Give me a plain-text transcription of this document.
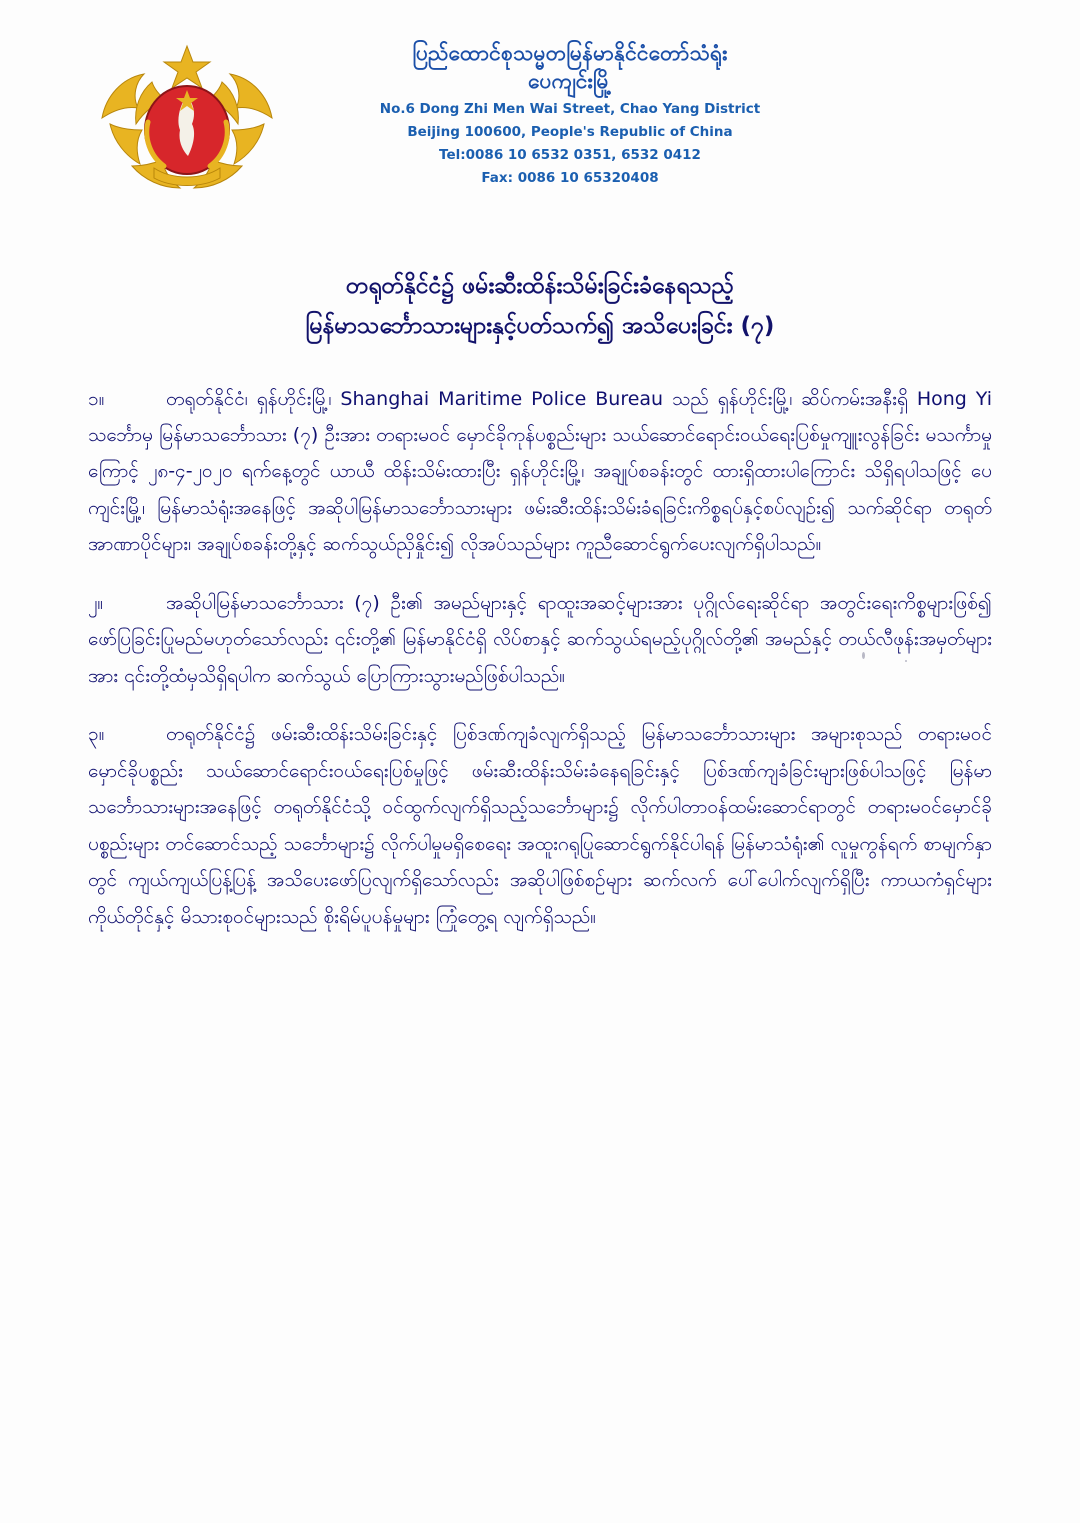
ပြည်ထောင်စုသမ္မတမြန်မာနိုင်ငံတော်သံရုံး
ပေကျင်းမြို့
No.6 Dong Zhi Men Wai Street, Chao Yang District
Beijing 100600, People's Republic of China
Tel:0086 10 6532 0351, 6532 0412
Fax: 0086 10 65320408
တရုတ်နိုင်ငံ၌ ဖမ်းဆီးထိန်းသိမ်းခြင်းခံနေရသည့်
မြန်မာသင်္ဘောသားများနှင့်ပတ်သက်၍ အသိပေးခြင်း (၇)

၁။	တရုတ်နိုင်ငံ၊ ရှန်ဟိုင်းမြို့၊ Shanghai Maritime Police Bureau သည် ရှန်ဟိုင်းမြို့၊ ဆိပ်ကမ်းအနီးရှိ Hong Yi သင်္ဘောမှ မြန်မာသင်္ဘောသား (၇) ဦးအား တရားမဝင် မှောင်ခိုကုန်ပစ္စည်းများ သယ်ဆောင်ရောင်းဝယ်ရေးပြစ်မှုကျူးလွန်ခြင်း မသင်္ကာမှုကြောင့် ၂၈-၄-၂၀၂၀ ရက်နေ့တွင် ယာယီ ထိန်းသိမ်းထားပြီး ရှန်ဟိုင်းမြို့၊ အချုပ်စခန်းတွင် ထားရှိထားပါကြောင်း သိရှိရပါသဖြင့် ပေကျင်းမြို့၊ မြန်မာသံရုံးအနေဖြင့် အဆိုပါမြန်မာသင်္ဘောသားများ ဖမ်းဆီးထိန်းသိမ်းခံရခြင်းကိစ္စရပ်နှင့်စပ်လျဉ်း၍ သက်ဆိုင်ရာ တရုတ်အာဏာပိုင်များ၊ အချုပ်စခန်းတို့နှင့် ဆက်သွယ်ညှိနှိုင်း၍ လိုအပ်သည်များ ကူညီဆောင်ရွက်ပေးလျက်ရှိပါသည်။

၂။	အဆိုပါမြန်မာသင်္ဘောသား (၇) ဦး၏ အမည်များနှင့် ရာထူးအဆင့်များအား ပုဂ္ဂိုလ်ရေးဆိုင်ရာ အတွင်းရေးကိစ္စများဖြစ်၍ ဖော်ပြခြင်းပြုမည်မဟုတ်သော်လည်း ၎င်းတို့၏ မြန်မာနိုင်ငံရှိ လိပ်စာနှင့် ဆက်သွယ်ရမည့်ပုဂ္ဂိုလ်တို့၏ အမည်နှင့် တယ်လီဖုန်းအမှတ်များအား ၎င်းတို့ထံမှသိရှိရပါက ဆက်သွယ် ပြောကြားသွားမည်ဖြစ်ပါသည်။

၃။	တရုတ်နိုင်ငံ၌ ဖမ်းဆီးထိန်းသိမ်းခြင်းနှင့် ပြစ်ဒဏ်ကျခံလျက်ရှိသည့် မြန်မာသင်္ဘောသားများ အများစုသည် တရားမဝင် မှောင်ခိုပစ္စည်း သယ်ဆောင်ရောင်းဝယ်ရေးပြစ်မှုဖြင့် ဖမ်းဆီးထိန်းသိမ်းခံနေရခြင်းနှင့် ပြစ်ဒဏ်ကျခံခြင်းများဖြစ်ပါသဖြင့် မြန်မာသင်္ဘောသားများအနေဖြင့် တရုတ်နိုင်ငံသို့ ဝင်ထွက်လျက်ရှိသည့်သင်္ဘောများ၌ လိုက်ပါတာဝန်ထမ်းဆောင်ရာတွင် တရားမဝင်မှောင်ခိုပစ္စည်းများ တင်ဆောင်သည့် သင်္ဘောများ၌ လိုက်ပါမှုမရှိစေရေး အထူးဂရုပြုဆောင်ရွက်နိုင်ပါရန် မြန်မာသံရုံး၏ လူမှုကွန်ရက် စာမျက်နှာတွင် ကျယ်ကျယ်ပြန့်ပြန့် အသိပေးဖော်ပြလျက်ရှိသော်လည်း အဆိုပါဖြစ်စဉ်များ ဆက်လက် ပေါ်ပေါက်လျက်ရှိပြီး ကာယကံရှင်များကိုယ်တိုင်နှင့် မိသားစုဝင်များသည် စိုးရိမ်ပူပန်မှုများ ကြုံတွေ့ရ လျက်ရှိသည်။
